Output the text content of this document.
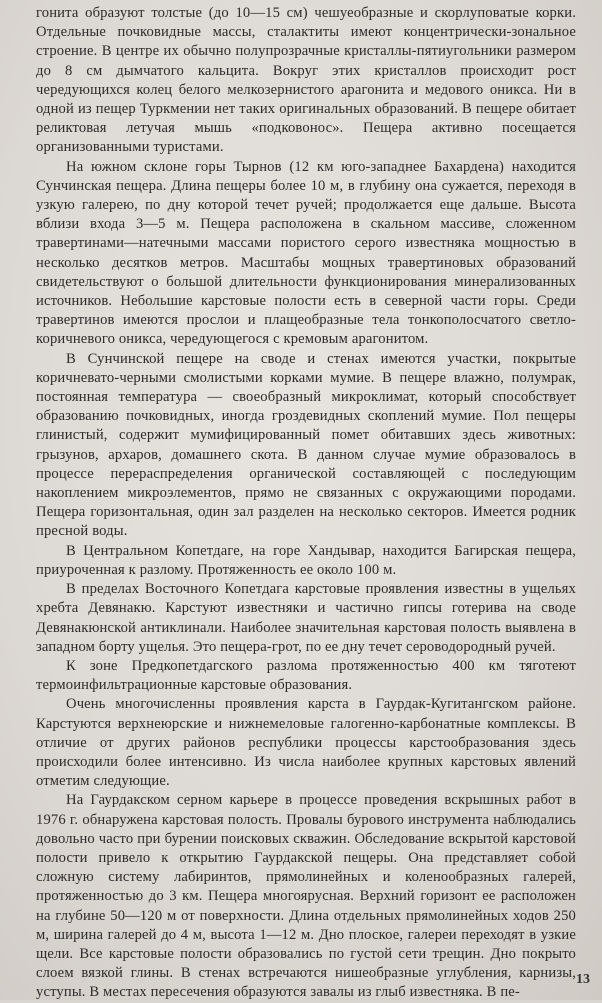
гонита образуют толстые (до 10—15 см) чешуеобразные и скорлуповатые корки. Отдельные почковидные массы, сталактиты имеют концентрически-зональное строение. В центре их обычно полупрозрачные кристаллы-пятиугольники размером до 8 см дымчатого кальцита. Вокруг этих кристаллов происходит рост чередующихся колец белого мелкозернистого арагонита и медового оникса. Ни в одной из пещер Туркмении нет таких оригинальных образований. В пещере обитает реликтовая летучая мышь «подковонос». Пещера активно посещается организованными туристами.

На южном склоне горы Тырнов (12 км юго-западнее Бахардена) находится Сунчинская пещера. Длина пещеры более 10 м, в глубину она сужается, переходя в узкую галерею, по дну которой течет ручей; продолжается еще дальше. Высота вблизи входа 3—5 м. Пещера расположена в скальном массиве, сложенном травертинами—натечными массами пористого серого известняка мощностью в несколько десятков метров. Масштабы мощных травертиновых образований свидетельствуют о большой длительности функционирования минерализованных источников. Небольшие карстовые полости есть в северной части горы. Среди травертинов имеются прослои и плащеобразные тела тонкополосчатого светло-коричневого оникса, чередующегося с кремовым арагонитом.

В Сунчинской пещере на своде и стенах имеются участки, покрытые коричневато-черными смолистыми корками мумие. В пещере влажно, полумрак, постоянная температура — своеобразный микроклимат, который способствует образованию почковидных, иногда гроздевидных скоплений мумие. Пол пещеры глинистый, содержит мумифицированный помет обитавших здесь животных: грызунов, архаров, домашнего скота. В данном случае мумие образовалось в процессе перераспределения органической составляющей с последующим накоплением микроэлементов, прямо не связанных с окружающими породами. Пещера горизонтальная, один зал разделен на несколько секторов. Имеется родник пресной воды.

В Центральном Копетдаге, на горе Хандывар, находится Багирская пещера, приуроченная к разлому. Протяженность ее около 100 м.

В пределах Восточного Копетдага карстовые проявления известны в ущельях хребта Девянакю. Карстуют известняки и частично гипсы готерива на своде Девянакюнской антиклинали. Наиболее значительная карстовая полость выявлена в западном борту ущелья. Это пещера-грот, по ее дну течет сероводородный ручей.

К зоне Предкопетдагского разлома протяженностью 400 км тяготеют термоинфильтрационные карстовые образования.

Очень многочисленны проявления карста в Гаурдак-Кугитангском районе. Карстуются верхнеюрские и нижнемеловые галогенно-карбонатные комплексы. В отличие от других районов республики процессы карстообразования здесь происходили более интенсивно. Из числа наиболее крупных карстовых явлений отметим следующие.

На Гаурдакском серном карьере в процессе проведения вскрышных работ в 1976 г. обнаружена карстовая полость. Провалы бурового инструмента наблюдались довольно часто при бурении поисковых скважин. Обследование вскрытой карстовой полости привело к открытию Гаурдакской пещеры. Она представляет собой сложную систему лабиринтов, прямолинейных и коленообразных галерей, протяженностью до 3 км. Пещера многоярусная. Верхний горизонт ее расположен на глубине 50—120 м от поверхности. Длина отдельных прямолинейных ходов 250 м, ширина галерей до 4 м, высота 1—12 м. Дно плоское, галереи переходят в узкие щели. Все карстовые полости образовались по густой сети трещин. Дно покрыто слоем вязкой глины. В стенах встречаются нишеобразные углубления, карнизы, уступы. В местах пересечения образуются завалы из глыб известняка. В пе-

13
